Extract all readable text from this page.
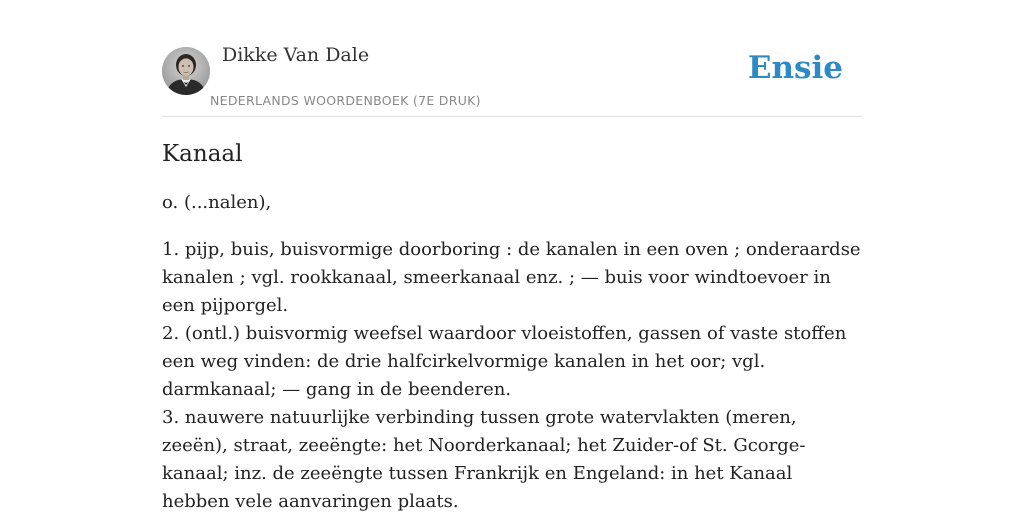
Dikke Van Dale
NEDERLANDS WOORDENBOEK (7E DRUK)
Ensie
Kanaal

o. (...nalen),

1. pijp, buis, buisvormige doorboring : de kanalen in een oven ; onderaardse kanalen ; vgl. rookkanaal, smeerkanaal enz. ; — buis voor windtoevoer in een pijporgel.

2. (ontl.) buisvormig weefsel waardoor vloeistoffen, gassen of vaste stoffen een weg vinden: de drie halfcirkelvormige kanalen in het oor; vgl. darmkanaal; — gang in de beenderen.

3. nauwere natuurlijke verbinding tussen grote watervlakten (meren, zeeën), straat, zeeëngte: het Noorderkanaal; het Zuider-of St. Gcorge-kanaal; inz. de zeeëngte tussen Frankrijk en Engeland: in het Kanaal hebben vele aanvaringen plaats.
